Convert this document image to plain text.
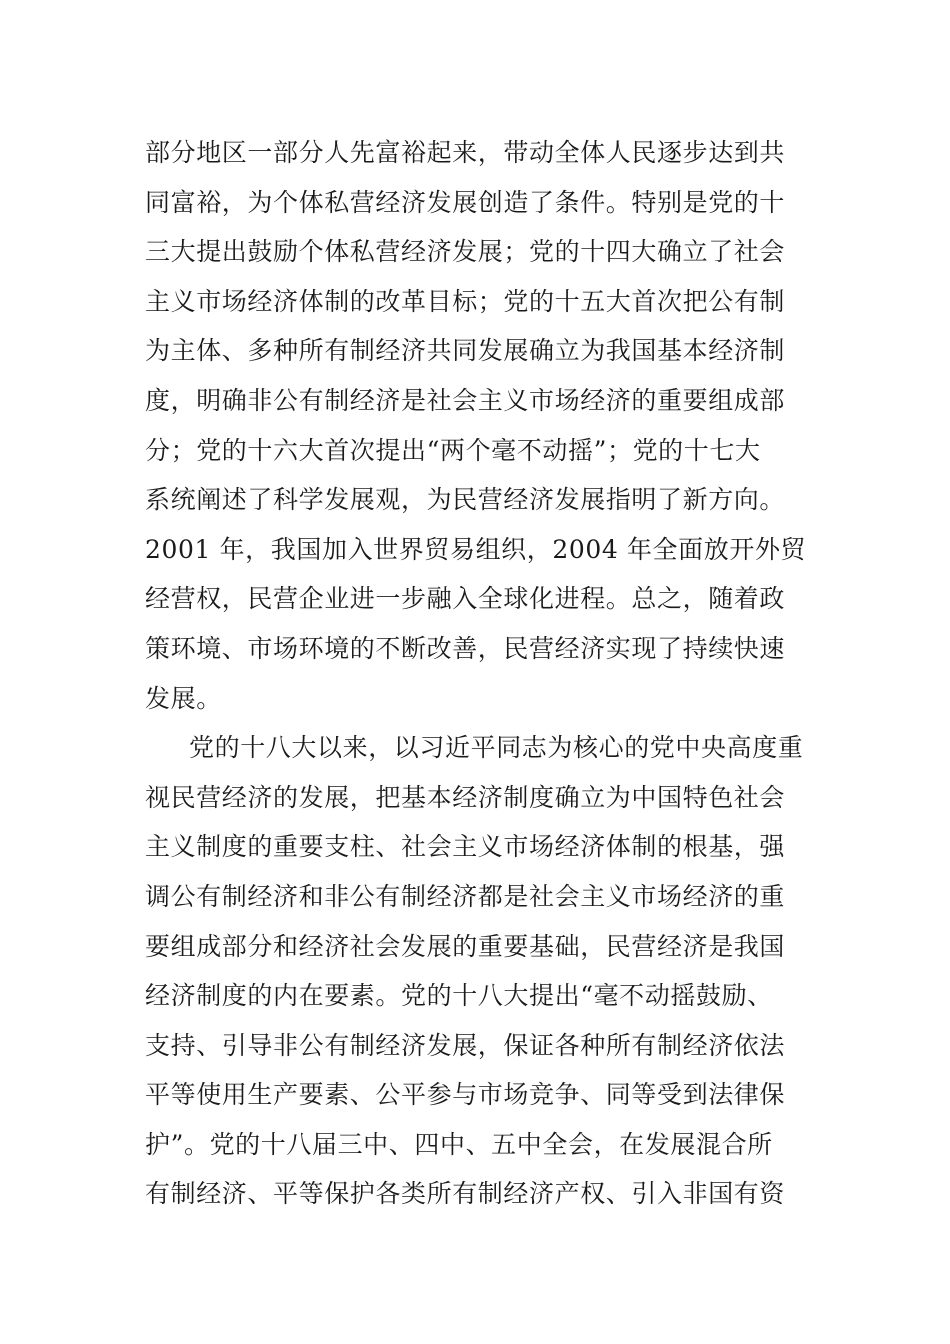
部分地区一部分人先富裕起来，带动全体人民逐步达到共
同富裕，为个体私营经济发展创造了条件。特别是党的十
三大提出鼓励个体私营经济发展；党的十四大确立了社会
主义市场经济体制的改革目标；党的十五大首次把公有制
为主体、多种所有制经济共同发展确立为我国基本经济制
度，明确非公有制经济是社会主义市场经济的重要组成部
分；党的十六大首次提出“两个毫不动摇”；党的十七大
系统阐述了科学发展观，为民营经济发展指明了新方向。
2001 年，我国加入世界贸易组织，2004 年全面放开外贸
经营权，民营企业进一步融入全球化进程。总之，随着政
策环境、市场环境的不断改善，民营经济实现了持续快速
发展。
党的十八大以来，以习近平同志为核心的党中央高度重
视民营经济的发展，把基本经济制度确立为中国特色社会
主义制度的重要支柱、社会主义市场经济体制的根基，强
调公有制经济和非公有制经济都是社会主义市场经济的重
要组成部分和经济社会发展的重要基础，民营经济是我国
经济制度的内在要素。党的十八大提出“毫不动摇鼓励、
支持、引导非公有制经济发展，保证各种所有制经济依法
平等使用生产要素、公平参与市场竞争、同等受到法律保
护”。党的十八届三中、四中、五中全会，在发展混合所
有制经济、平等保护各类所有制经济产权、引入非国有资
